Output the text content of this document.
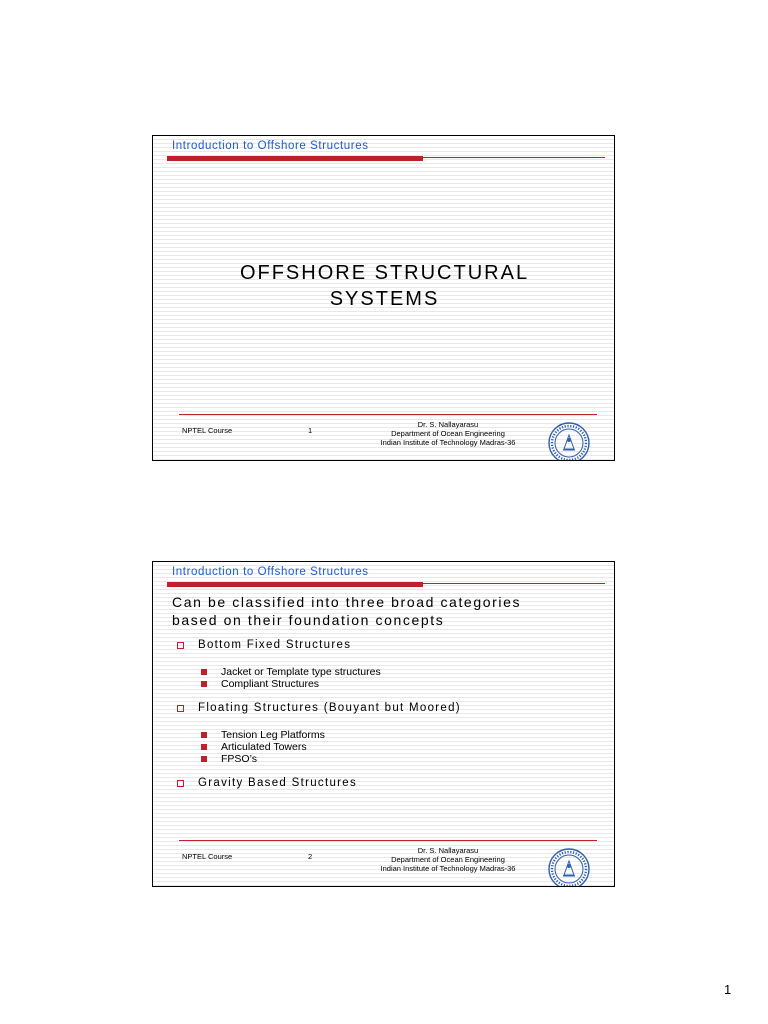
Introduction to Offshore Structures
OFFSHORE STRUCTURAL
SYSTEMS
NPTEL Course	1
Dr. S. Nallayarasu
Department of Ocean Engineering
Indian Institute of Technology Madras-36
Introduction to Offshore Structures
Can be classified into three broad categories
based on their foundation concepts
Bottom Fixed Structures
Jacket or Template type structures
Compliant Structures
Floating Structures (Bouyant but Moored)
Tension Leg Platforms
Articulated Towers
FPSO’s
Gravity Based Structures
NPTEL Course	2
Dr. S. Nallayarasu
Department of Ocean Engineering
Indian Institute of Technology Madras-36
1
